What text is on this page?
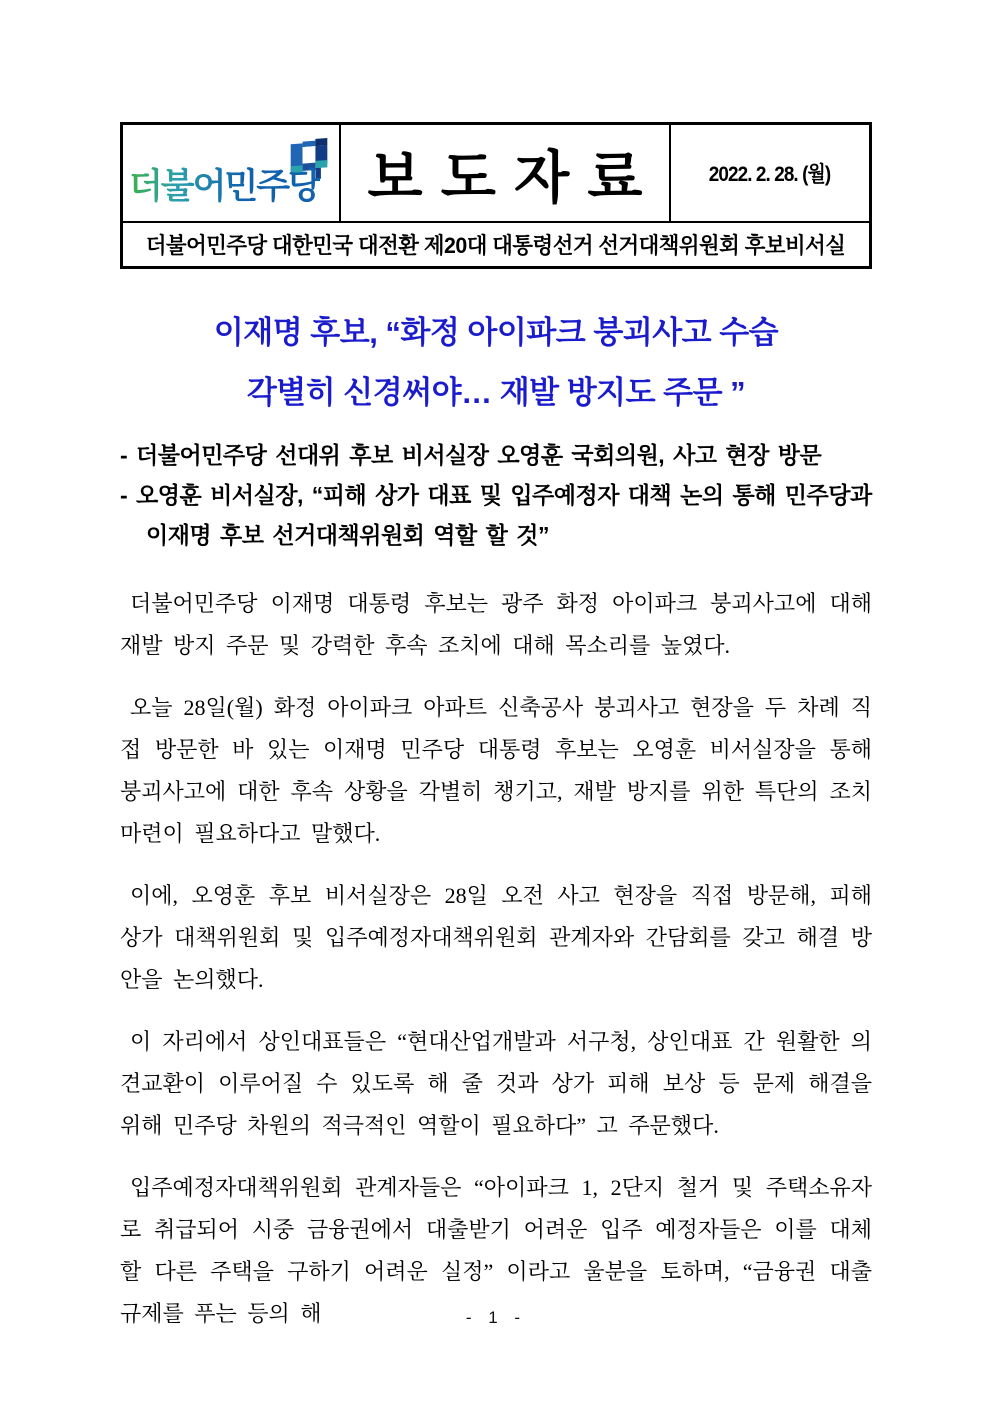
더불어민주당 보도자료 2022. 2. 28. (월)
더불어민주당 대한민국 대전환 제20대 대통령선거 선거대책위원회 후보비서실
이재명 후보, “화정 아이파크 붕괴사고 수습
각별히 신경써야… 재발 방지도 주문 ”
- 더불어민주당 선대위 후보 비서실장 오영훈 국회의원, 사고 현장 방문
- 오영훈 비서실장, “피해 상가 대표 및 입주예정자 대책 논의 통해 민주당과 이재명 후보 선거대책위원회 역할 할 것”

더불어민주당 이재명 대통령 후보는 광주 화정 아이파크 붕괴사고에 대해 재발 방지 주문 및 강력한 후속 조치에 대해 목소리를 높였다.

오늘 28일(월) 화정 아이파크 아파트 신축공사 붕괴사고 현장을 두 차례 직접 방문한 바 있는 이재명 민주당 대통령 후보는 오영훈 비서실장을 통해 붕괴사고에 대한 후속 상황을 각별히 챙기고, 재발 방지를 위한 특단의 조치 마련이 필요하다고 말했다.

이에, 오영훈 후보 비서실장은 28일 오전 사고 현장을 직접 방문해, 피해 상가 대책위원회 및 입주예정자대책위원회 관계자와 간담회를 갖고 해결 방안을 논의했다.

이 자리에서 상인대표들은 “현대산업개발과 서구청, 상인대표 간 원활한 의견교환이 이루어질 수 있도록 해 줄 것과 상가 피해 보상 등 문제 해결을 위해 민주당 차원의 적극적인 역할이 필요하다” 고 주문했다.

입주예정자대책위원회 관계자들은 “아이파크 1, 2단지 철거 및 주택소유자로 취급되어 시중 금융권에서 대출받기 어려운 입주 예정자들은 이를 대체할 다른 주택을 구하기 어려운 실정” 이라고 울분을 토하며, “금융권 대출 규제를 푸는 등의 해	- 1 -
